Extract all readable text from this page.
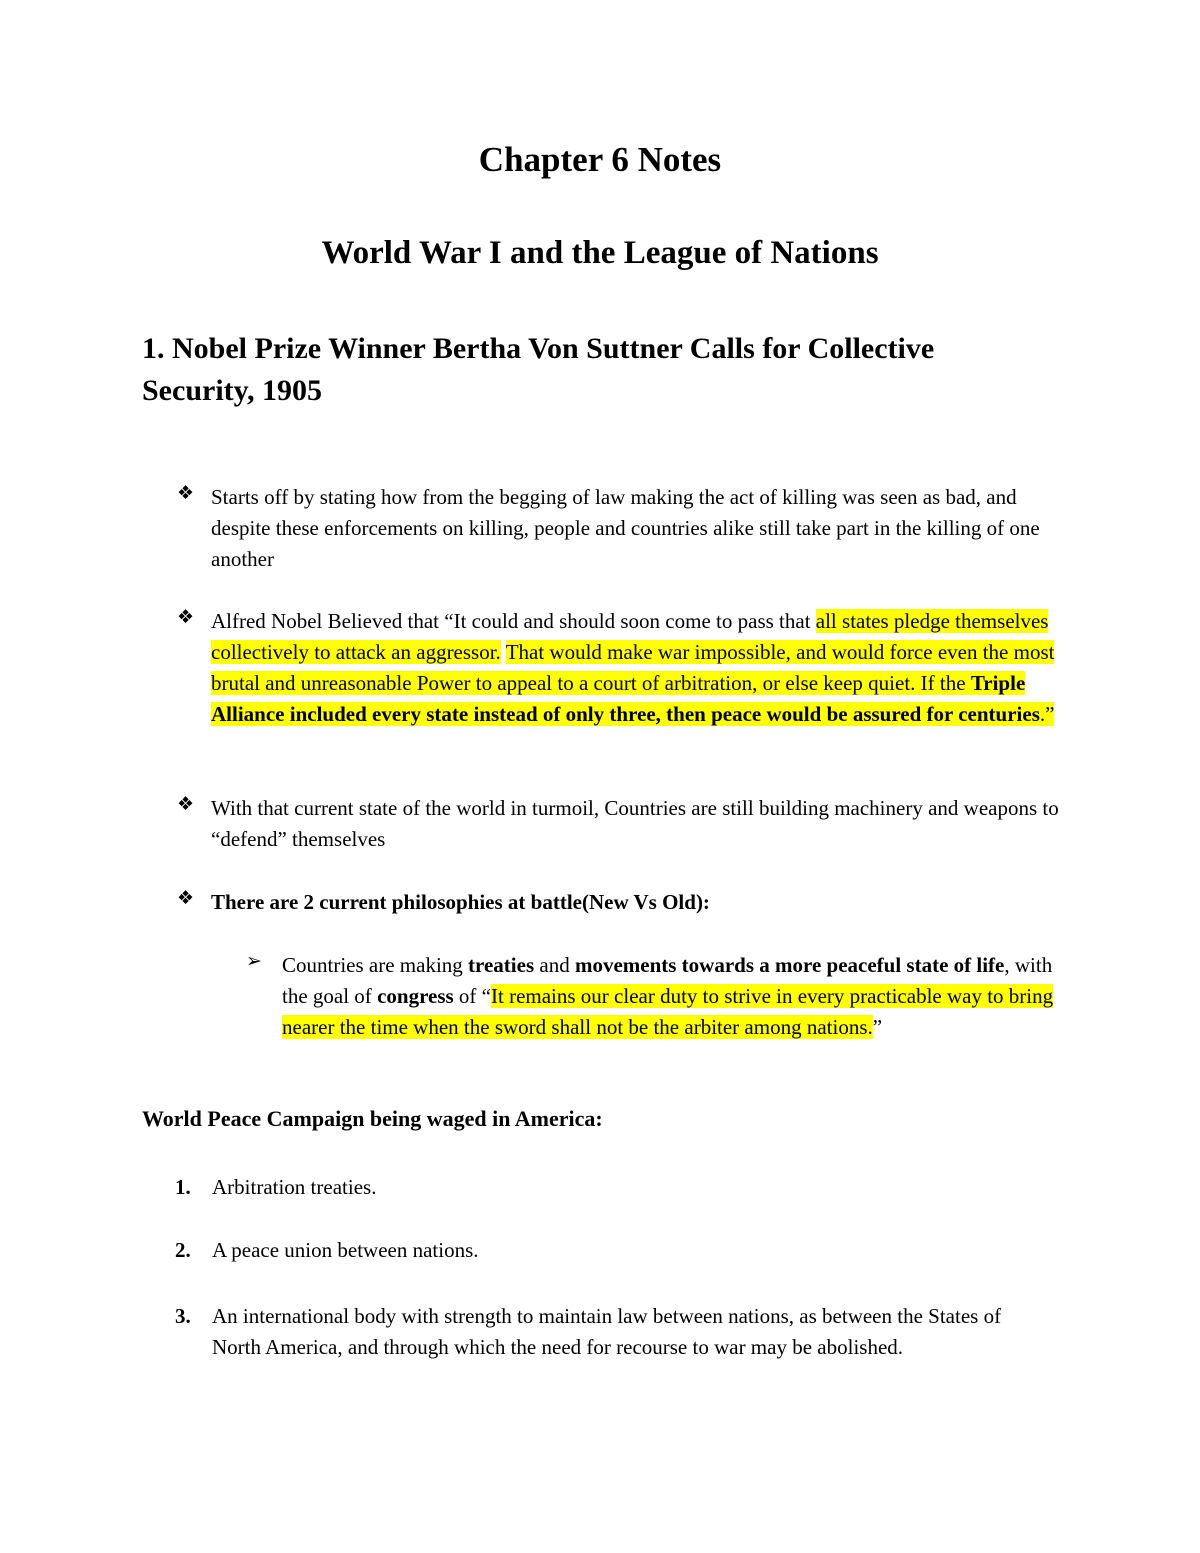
Chapter 6 Notes
World War I and the League of Nations
1. Nobel Prize Winner Bertha Von Suttner Calls for Collective Security, 1905
❖ Starts off by stating how from the begging of law making the act of killing was seen as bad, and despite these enforcements on killing, people and countries alike still take part in the killing of one another

❖ Alfred Nobel Believed that “It could and should soon come to pass that all states pledge themselves collectively to attack an aggressor. That would make war impossible, and would force even the most brutal and unreasonable Power to appeal to a court of arbitration, or else keep quiet. If the Triple Alliance included every state instead of only three, then peace would be assured for centuries.”

❖ With that current state of the world in turmoil, Countries are still building machinery and weapons to “defend” themselves

❖ There are 2 current philosophies at battle(New Vs Old):

➢ Countries are making treaties and movements towards a more peaceful state of life, with the goal of congress of “It remains our clear duty to strive in every practicable way to bring nearer the time when the sword shall not be the arbiter among nations.”

World Peace Campaign being waged in America:
1. Arbitration treaties.

2. A peace union between nations.

3. An international body with strength to maintain law between nations, as between the States of North America, and through which the need for recourse to war may be abolished.
